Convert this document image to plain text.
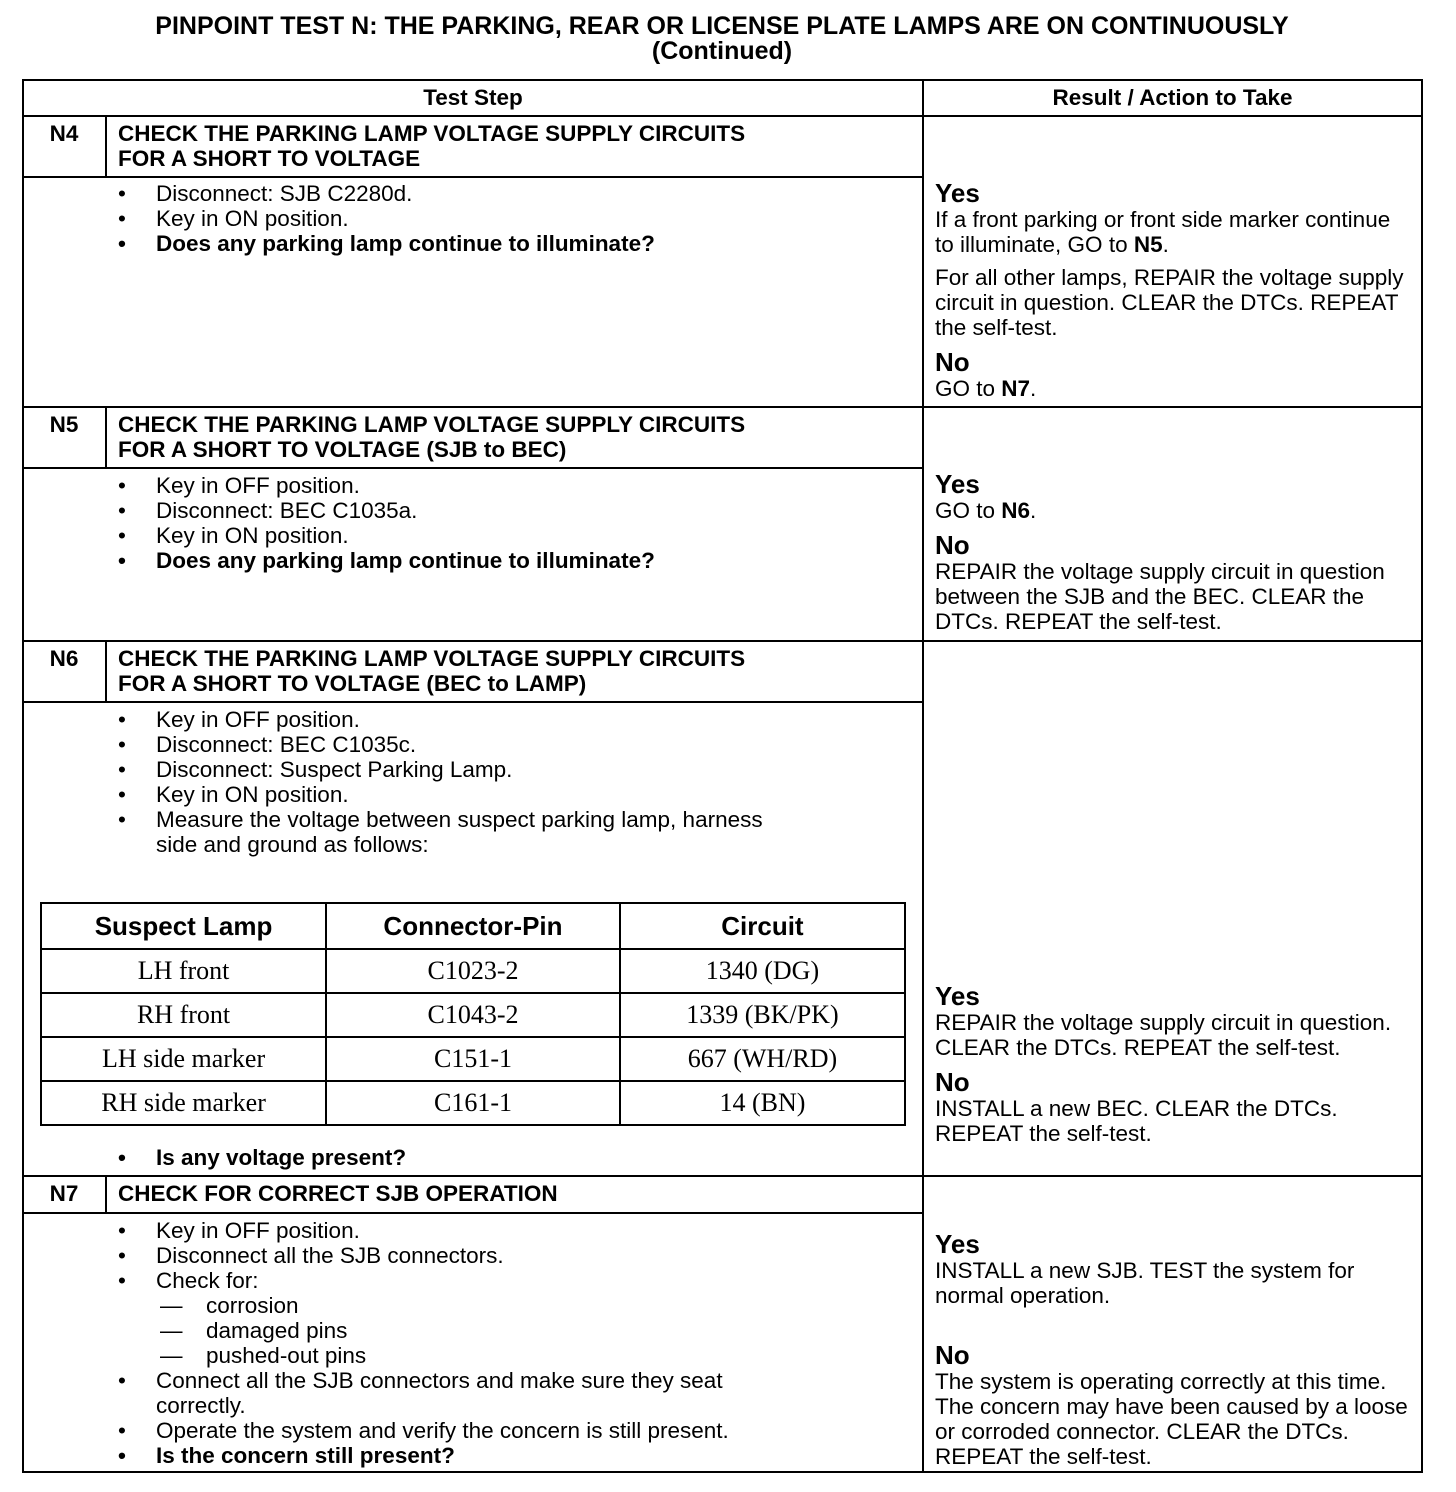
PINPOINT TEST N: THE PARKING, REAR OR LICENSE PLATE LAMPS ARE ON CONTINUOUSLY
(Continued)
Test Step	Result / Action to Take
N4	CHECK THE PARKING LAMP VOLTAGE SUPPLY CIRCUITS
FOR A SHORT TO VOLTAGE
• Disconnect: SJB C2280d.
• Key in ON position.
• Does any parking lamp continue to illuminate?
Yes

If a front parking or front side marker continue to illuminate, GO to N5.

For all other lamps, REPAIR the voltage supply circuit in question. CLEAR the DTCs. REPEAT the self-test.

No

GO to N7.

N5	CHECK THE PARKING LAMP VOLTAGE SUPPLY CIRCUITS
FOR A SHORT TO VOLTAGE (SJB to BEC)
• Key in OFF position.
• Disconnect: BEC C1035a.
• Key in ON position.
• Does any parking lamp continue to illuminate?
Yes

GO to N6.

No

REPAIR the voltage supply circuit in question between the SJB and the BEC. CLEAR the DTCs. REPEAT the self-test.

N6	CHECK THE PARKING LAMP VOLTAGE SUPPLY CIRCUITS
FOR A SHORT TO VOLTAGE (BEC to LAMP)
• Key in OFF position.
• Disconnect: BEC C1035c.
• Disconnect: Suspect Parking Lamp.
• Key in ON position.
• Measure the voltage between suspect parking lamp, harness
side and ground as follows:
Suspect Lamp	Connector-Pin	Circuit
LH front	C1023-2	1340 (DG)
RH front	C1043-2	1339 (BK/PK)
LH side marker	C151-1	667 (WH/RD)
RH side marker	C161-1	14 (BN)
• Is any voltage present?
Yes

REPAIR the voltage supply circuit in question. CLEAR the DTCs. REPEAT the self-test.

No

INSTALL a new BEC. CLEAR the DTCs. REPEAT the self-test.

N7	CHECK FOR CORRECT SJB OPERATION
• Key in OFF position.
• Disconnect all the SJB connectors.
• Check for:
— corrosion
— damaged pins
— pushed-out pins
• Connect all the SJB connectors and make sure they seat
correctly.
• Operate the system and verify the concern is still present.
• Is the concern still present?
Yes

INSTALL a new SJB. TEST the system for normal operation.

No

The system is operating correctly at this time. The concern may have been caused by a loose or corroded connector. CLEAR the DTCs. REPEAT the self-test.
